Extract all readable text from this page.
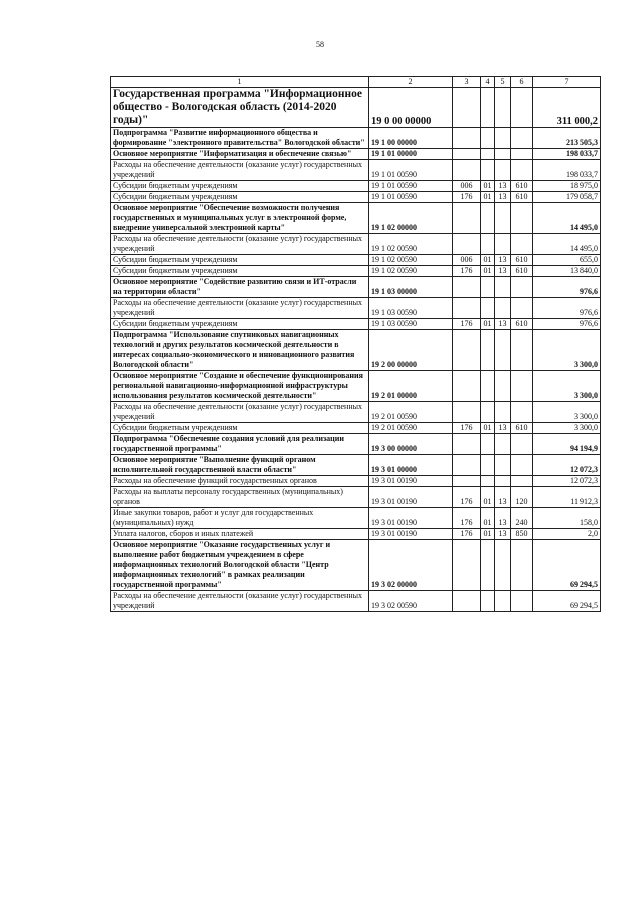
58
1	2	3	4	5	6	7
Государственная программа "Информационное общество - Вологодская область (2014-2020 годы)"	19 0 00 00000					311 000,2
Подпрограмма "Развитие информационного общества и формирование "электронного правительства" Вологодской области"	19 1 00 00000					213 505,3
Основное мероприятие "Информатизация и обеспечение связью"	19 1 01 00000					198 033,7
Расходы на обеспечение деятельности (оказание услуг) государственных учреждений	19 1 01 00590					198 033,7
Субсидии бюджетным учреждениям	19 1 01 00590	006	01	13	610	18 975,0
Субсидии бюджетным учреждениям	19 1 01 00590	176	01	13	610	179 058,7
Основное мероприятие "Обеспечение возможности получения государственных и муниципальных услуг в электронной форме, внедрение универсальной электронной карты"	19 1 02 00000					14 495,0
Расходы на обеспечение деятельности (оказание услуг) государственных учреждений	19 1 02 00590					14 495,0
Субсидии бюджетным учреждениям	19 1 02 00590	006	01	13	610	655,0
Субсидии бюджетным учреждениям	19 1 02 00590	176	01	13	610	13 840,0
Основное мероприятие "Содействие развитию связи и ИТ-отрасли на территории области"	19 1 03 00000					976,6
Расходы на обеспечение деятельности (оказание услуг) государственных учреждений	19 1 03 00590					976,6
Субсидии бюджетным учреждениям	19 1 03 00590	176	01	13	610	976,6
Подпрограмма "Использование спутниковых навигационных технологий и других результатов космической деятельности в интересах социально-экономического и инновационного развития Вологодской области"	19 2 00 00000					3 300,0
Основное мероприятие "Создание и обеспечение функционирования региональной навигационно-информационной инфраструктуры использования результатов космической деятельности"	19 2 01 00000					3 300,0
Расходы на обеспечение деятельности (оказание услуг) государственных учреждений	19 2 01 00590					3 300,0
Субсидии бюджетным учреждениям	19 2 01 00590	176	01	13	610	3 300,0
Подпрограмма "Обеспечение создания условий для реализации государственной программы"	19 3 00 00000					94 194,9
Основное мероприятие "Выполнение функций органом исполнительной государственной власти области"	19 3 01 00000					12 072,3
Расходы на обеспечение функций государственных органов	19 3 01 00190					12 072,3
Расходы на выплаты персоналу государственных (муниципальных) органов	19 3 01 00190	176	01	13	120	11 912,3
Иные закупки товаров, работ и услуг для государственных (муниципальных) нужд	19 3 01 00190	176	01	13	240	158,0
Уплата налогов, сборов и иных платежей	19 3 01 00190	176	01	13	850	2,0
Основное мероприятие "Оказание государственных услуг и выполнение работ бюджетным учреждением в сфере информационных технологий Вологодской области "Центр информационных технологий" в рамках реализации государственной программы"	19 3 02 00000					69 294,5
Расходы на обеспечение деятельности (оказание услуг) государственных учреждений	19 3 02 00590					69 294,5
